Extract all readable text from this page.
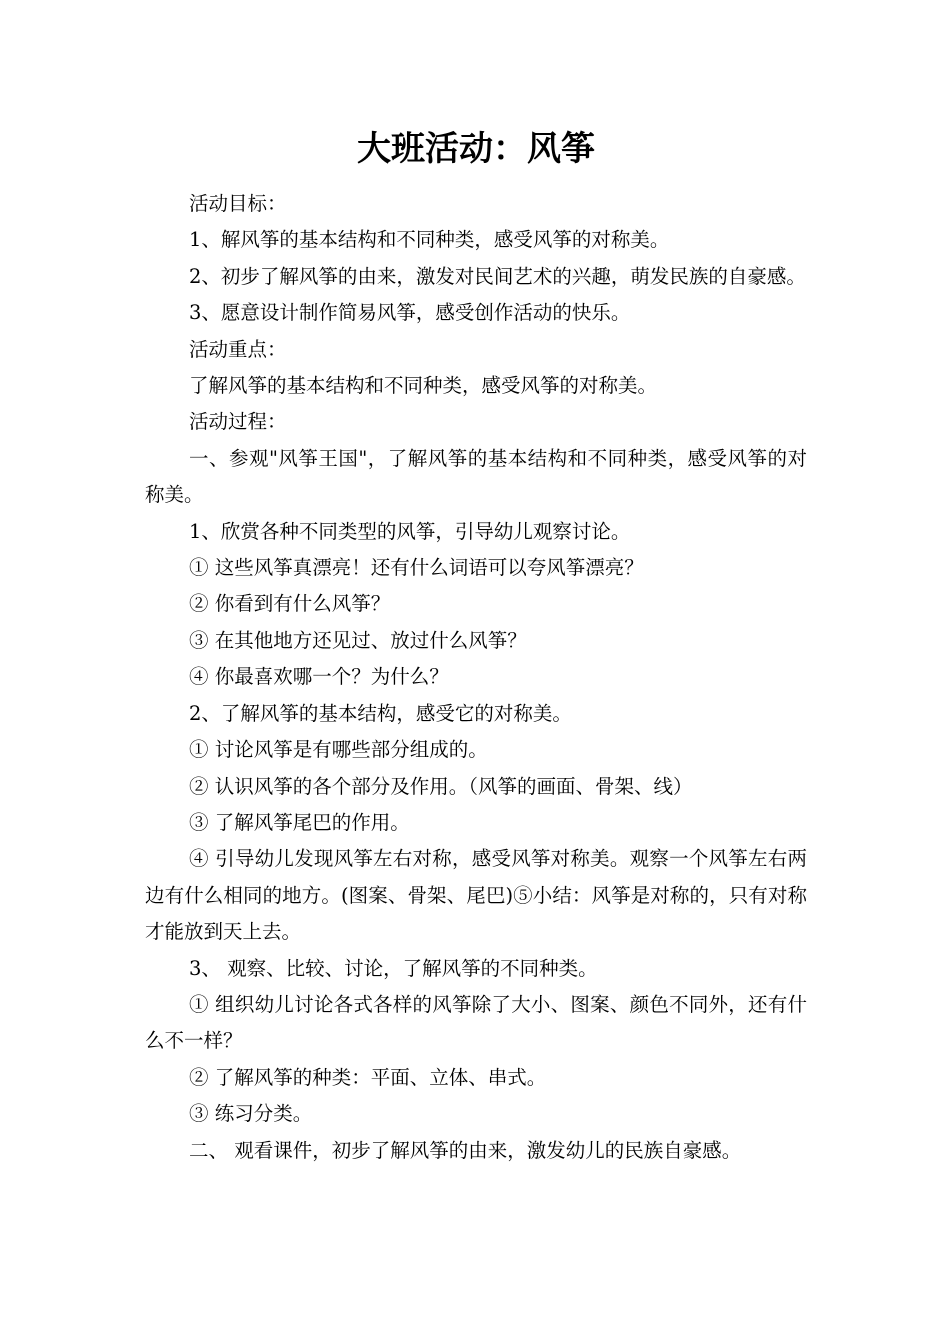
大班活动：风筝

活动目标：

1、解风筝的基本结构和不同种类，感受风筝的对称美。

2、初步了解风筝的由来，激发对民间艺术的兴趣，萌发民族的自豪感。

3、愿意设计制作简易风筝，感受创作活动的快乐。

活动重点：

了解风筝的基本结构和不同种类，感受风筝的对称美。

活动过程：

一、参观"风筝王国"，了解风筝的基本结构和不同种类，感受风筝的对称美。

1、欣赏各种不同类型的风筝，引导幼儿观察讨论。

① 这些风筝真漂亮！还有什么词语可以夸风筝漂亮？

② 你看到有什么风筝？

③ 在其他地方还见过、放过什么风筝？

④ 你最喜欢哪一个？为什么？

2、了解风筝的基本结构，感受它的对称美。

① 讨论风筝是有哪些部分组成的。

② 认识风筝的各个部分及作用。（风筝的画面、骨架、线）

③ 了解风筝尾巴的作用。

④ 引导幼儿发现风筝左右对称，感受风筝对称美。观察一个风筝左右两边有什么相同的地方。(图案、骨架、尾巴)⑤小结：风筝是对称的，只有对称才能放到天上去。

3、 观察、比较、讨论，了解风筝的不同种类。

① 组织幼儿讨论各式各样的风筝除了大小、图案、颜色不同外，还有什么不一样？

② 了解风筝的种类：平面、立体、串式。

③ 练习分类。

二、 观看课件，初步了解风筝的由来，激发幼儿的民族自豪感。
